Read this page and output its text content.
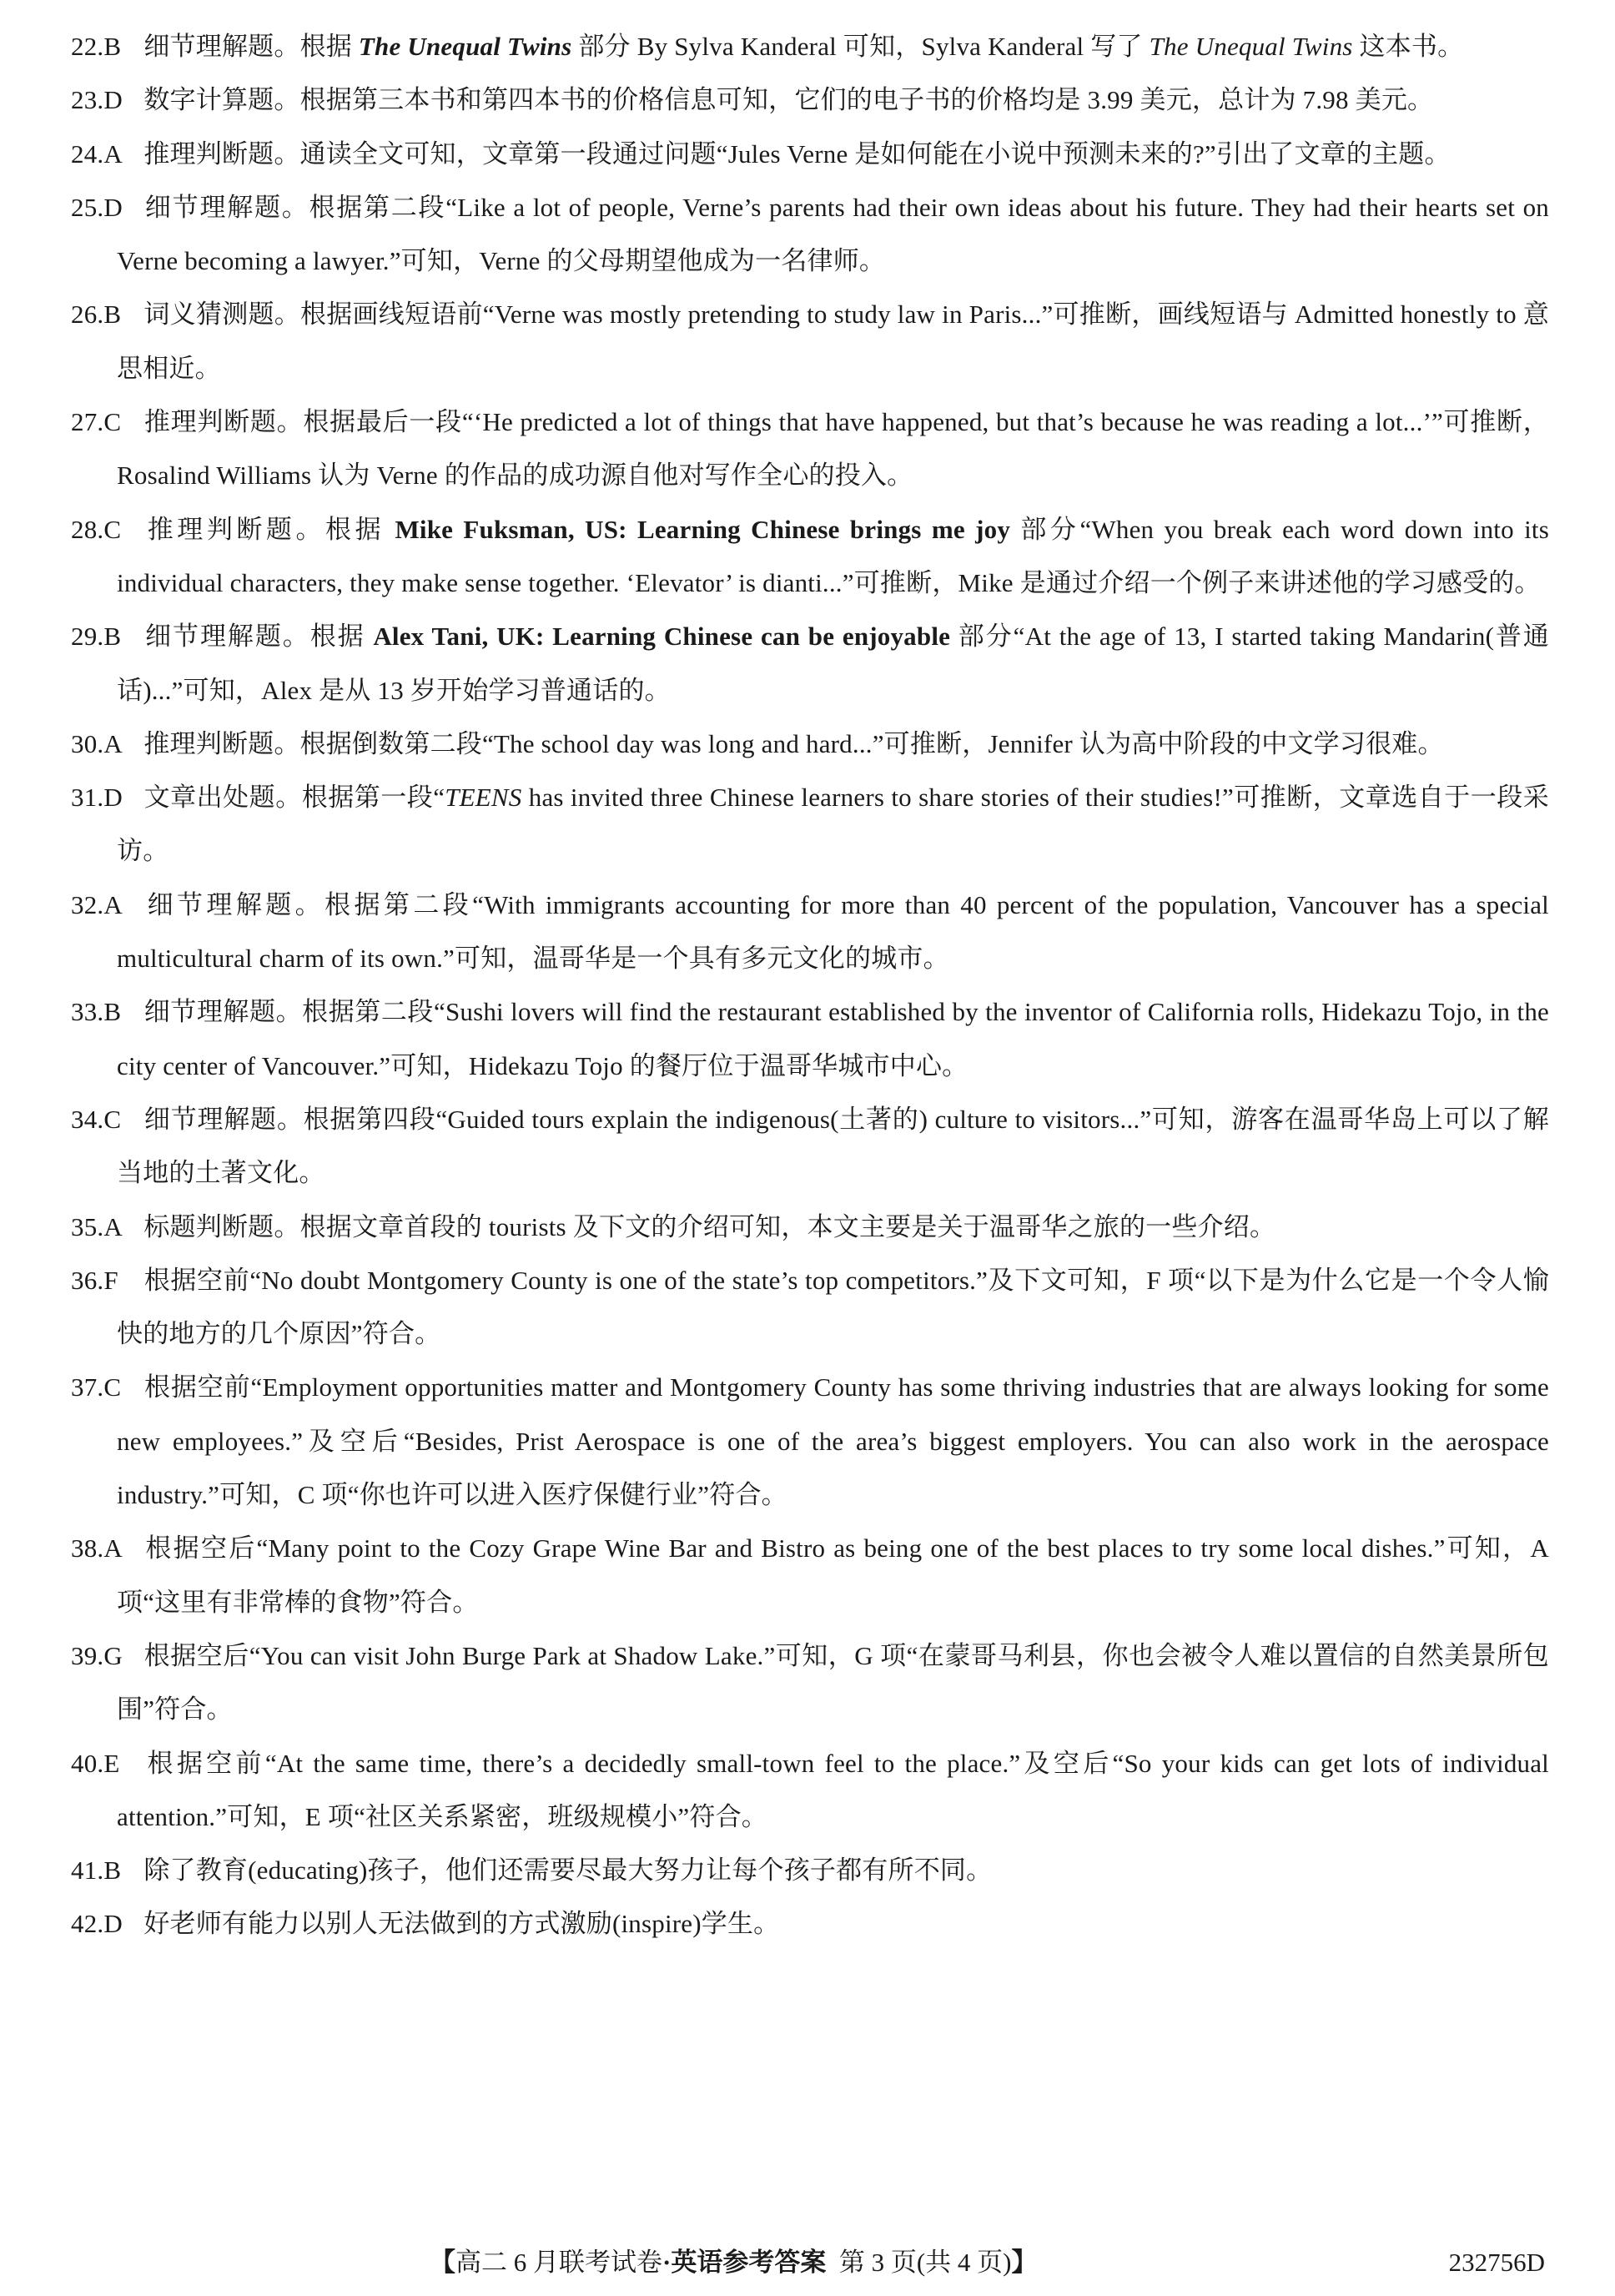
22.B 细节理解题。根据 The Unequal Twins 部分 By Sylva Kanderal 可知，Sylva Kanderal 写了 The Unequal Twins 这本书。
23.D 数字计算题。根据第三本书和第四本书的价格信息可知，它们的电子书的价格均是 3.99 美元，总计为 7.98 美元。
24.A 推理判断题。通读全文可知，文章第一段通过问题“Jules Verne 是如何能在小说中预测未来的?”引出了文章的主题。
25.D 细节理解题。根据第二段“Like a lot of people, Verne’s parents had their own ideas about his future. They had their hearts set on Verne becoming a lawyer.”可知，Verne 的父母期望他成为一名律师。
26.B 词义猜测题。根据画线短语前“Verne was mostly pretending to study law in Paris...”可推断，画线短语与 Admitted honestly to 意思相近。
27.C 推理判断题。根据最后一段“‘He predicted a lot of things that have happened, but that’s because he was reading a lot...’”可推断，Rosalind Williams 认为 Verne 的作品的成功源自他对写作全心的投入。
28.C 推理判断题。根据 Mike Fuksman, US: Learning Chinese brings me joy 部分“When you break each word down into its individual characters, they make sense together. ‘Elevator’ is dianti...”可推断，Mike 是通过介绍一个例子来讲述他的学习感受的。
29.B 细节理解题。根据 Alex Tani, UK: Learning Chinese can be enjoyable 部分“At the age of 13, I started taking Mandarin(普通话)...”可知，Alex 是从 13 岁开始学习普通话的。
30.A 推理判断题。根据倒数第二段“The school day was long and hard...”可推断，Jennifer 认为高中阶段的中文学习很难。
31.D 文章出处题。根据第一段“TEENS has invited three Chinese learners to share stories of their studies!”可推断，文章选自于一段采访。
32.A 细节理解题。根据第二段“With immigrants accounting for more than 40 percent of the population, Vancouver has a special multicultural charm of its own.”可知，温哥华是一个具有多元文化的城市。
33.B 细节理解题。根据第二段“Sushi lovers will find the restaurant established by the inventor of California rolls, Hidekazu Tojo, in the city center of Vancouver.”可知，Hidekazu Tojo 的餐厅位于温哥华城市中心。
34.C 细节理解题。根据第四段“Guided tours explain the indigenous(土著的) culture to visitors...”可知，游客在温哥华岛上可以了解当地的土著文化。
35.A 标题判断题。根据文章首段的 tourists 及下文的介绍可知，本文主要是关于温哥华之旅的一些介绍。
36.F 根据空前“No doubt Montgomery County is one of the state’s top competitors.”及下文可知，F 项“以下是为什么它是一个令人愉快的地方的几个原因”符合。
37.C 根据空前“Employment opportunities matter and Montgomery County has some thriving industries that are always looking for some new employees.”及空后“Besides, Prist Aerospace is one of the area’s biggest employers. You can also work in the aerospace industry.”可知，C 项“你也许可以进入医疗保健行业”符合。
38.A 根据空后“Many point to the Cozy Grape Wine Bar and Bistro as being one of the best places to try some local dishes.”可知，A 项“这里有非常棒的食物”符合。
39.G 根据空后“You can visit John Burge Park at Shadow Lake.”可知，G 项“在蒙哥马利县，你也会被令人难以置信的自然美景所包围”符合。
40.E 根据空前“At the same time, there’s a decidedly small-town feel to the place.”及空后“So your kids can get lots of individual attention.”可知，E 项“社区关系紧密，班级规模小”符合。
41.B 除了教育(educating)孩子，他们还需要尽最大努力让每个孩子都有所不同。
42.D 好老师有能力以别人无法做到的方式激励(inspire)学生。
【高二 6 月联考试卷·英语参考答案 第 3 页(共 4 页)】	232756D
